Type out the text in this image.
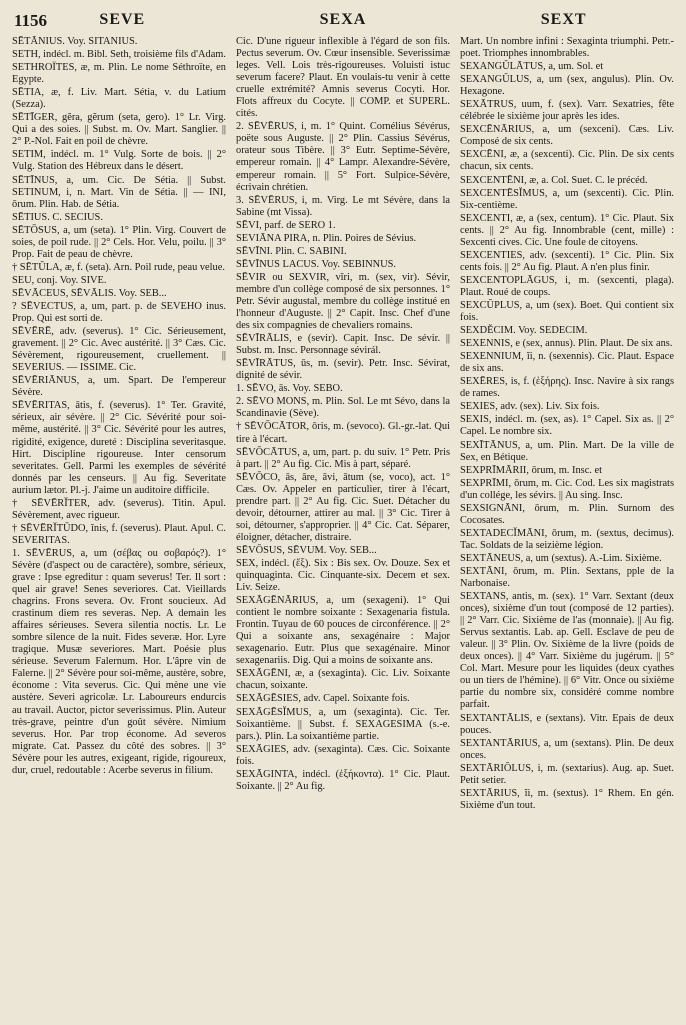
1156	SEVE	SEXA	SEXT

SĒTĀNIUS. Voy. SITANIUS.

SETH, indécl. m. Bibl. Seth, troisième fils d'Adam.

SETHROÏTES, æ, m. Plin. Le nome Séthroïte, en Egypte.

SĒTIA, æ, f. Liv. Mart. Sétia, v. du Latium (Sezza).

SĒTĪGER, gĕra, gĕrum (seta, gero). 1° Lr. Virg. Qui a des soies. || Subst. m. Ov. Mart. Sanglier. || 2° P.-Nol. Fait en poil de chèvre.

SETIM, indécl. m. 1° Vulg. Sorte de bois. || 2° Vulg. Station des Hébreux dans le désert.

SĒTĪNUS, a, um. Cic. De Sétia. || Subst. SETINUM, i, n. Mart. Vin de Sétia. || — INI, ōrum. Plin. Hab. de Sétia.

SĒTIUS. C. SECIUS.

SĒTŌSUS, a, um (seta). 1° Plin. Virg. Couvert de soies, de poil rude. || 2° Cels. Hor. Velu, poilu. || 3° Prop. Fait de peau de chèvre.

† SĒTŬLA, æ, f. (seta). Arn. Poil rude, peau velue.

SEU, conj. Voy. SIVE.

SĒVĀCEUS, SĒVĀLIS. Voy. SEB...

? SĒVECTUS, a, um, part. p. de SEVEHO inus. Prop. Qui est sorti de.

SĒVĒRĒ, adv. (severus). 1° Cic. Sérieusement, gravement. || 2° Cic. Avec austérité. || 3° Cæs. Cic. Sévèrement, rigoureusement, cruellement. || SEVERIUS. — ISSIME. Cic.

SĒVĒRIĀNUS, a, um. Spart. De l'empereur Sévère.

SĒVĒRITAS, ātis, f. (severus). 1° Ter. Gravité, sérieux, air sévère. || 2° Cic. Sévérité pour soi-même, austérité. || 3° Cic. Sévérité pour les autres, rigidité, exigence, dureté : Disciplina severitasque. Hirt. Discipline rigoureuse. Inter censorum severitates. Gell. Parmi les exemples de sévérité donnés par les censeurs. || Au fig. Severitate aurium lætor. Pl.-j. J'aime un auditoire difficile.

† SĒVĒRĬTER, adv. (severus). Titin. Apul. Sévèrement, avec rigueur.

† SĒVĒRĬTŪDO, ĭnis, f. (severus). Plaut. Apul. C. SEVERITAS.

1. SĒVĒRUS, a, um (σέβας ou σοβαρός?). 1° Sévère (d'aspect ou de caractère), sombre, sérieux, grave : Ipse egreditur : quam severus! Ter. Il sort : quel air grave! Senes severiores. Cat. Vieillards chagrins. Frons severa. Ov. Front soucieux. Ad crastinum diem res severas. Nep. A demain les affaires sérieuses. Severa silentia noctis. Lr. Le sombre silence de la nuit. Fides severæ. Hor. Lyre tragique. Musæ severiores. Mart. Poésie plus sérieuse. Severum Falernum. Hor. L'âpre vin de Falerne. || 2° Sévère pour soi-même, austère, sobre, économe : Vita severus. Cic. Qui mène une vie austère. Severi agricolæ. Lr. Laboureurs endurcis au travail. Auctor, pictor severissimus. Plin. Auteur très-grave, peintre d'un goût sévère. Nimium severus. Hor. Par trop économe. Ad severos migrate. Cat. Passez du côté des sobres. || 3° Sévère pour les autres, exigeant, rigide, rigoureux, dur, cruel, redoutable : Acerbe severus in filium.

Cic. D'une rigueur inflexible à l'égard de son fils. Pectus severum. Ov. Cœur insensible. Severissimæ leges. Vell. Lois très-rigoureuses. Voluisti istuc severum facere? Plaut. En voulais-tu venir à cette cruelle extrémité? Amnis severus Cocyti. Hor. Flots affreux du Cocyte. || COMP. et SUPERL. cités.

2. SĒVĒRUS, i, m. 1° Quint. Cornélius Sévérus, poëte sous Auguste. || 2° Plin. Cassius Sévérus, orateur sous Tibère. || 3° Eutr. Septime-Sévère, empereur romain. || 4° Lampr. Alexandre-Sévère, empereur romain. || 5° Fort. Sulpice-Sévère, écrivain chrétien.

3. SĒVĒRUS, i, m. Virg. Le mt Sévère, dans la Sabine (mt Vissa).

SĒVI, parf. de SERO 1.

SEVIĀNA PIRA, n. Plin. Poires de Sévius.

SĒVĪNI. Plin. C. SABINI.

SĒVĪNUS LACUS. Voy. SEBINNUS.

SĒVIR ou SEXVIR, vĭri, m. (sex, vir). Sévir, membre d'un collège composé de six personnes. 1° Petr. Sévir augustal, membre du collège institué en l'honneur d'Auguste. || 2° Capit. Insc. Chef d'une des six compagnies de chevaliers romains.

SĒVĪRĀLIS, e (sevir). Capit. Insc. De sévir. || Subst. m. Insc. Personnage sévirál.

SĒVĪRĀTUS, ūs, m. (sevir). Petr. Insc. Sévirat, dignité de sévir.

1. SĒVO, ās. Voy. SEBO.

2. SĒVO MONS, m. Plin. Sol. Le mt Sévo, dans la Scandinavie (Sève).

† SĒVŌCĀTOR, ōris, m. (sevoco). Gl.-gr.-lat. Qui tire à l'écart.

SĒVŌCĀTUS, a, um, part. p. du suiv. 1° Petr. Pris à part. || 2° Au fig. Cic. Mis à part, séparé.

SĒVŌCO, ās, āre, āvi, ātum (se, voco), act. 1° Cæs. Ov. Appeler en particulier, tirer à l'écart, prendre part. || 2° Au fig. Cic. Suet. Détacher du devoir, détourner, attirer au mal. || 3° Cic. Tirer à soi, détourner, s'approprier. || 4° Cic. Cat. Séparer, éloigner, détacher, distraire.

SĒVŌSUS, SĒVUM. Voy. SEB...

SEX, indécl. (ἕξ). Six : Bis sex. Ov. Douze. Sex et quinquaginta. Cic. Cinquante-six. Decem et sex. Liv. Seize.

SEXĀGĒNĀRIUS, a, um (sexageni). 1° Qui contient le nombre soixante : Sexagenaria fistula. Frontin. Tuyau de 60 pouces de circonférence. || 2° Qui a soixante ans, sexagénaire : Major sexagenario. Eutr. Plus que sexagénaire. Minor sexagenariis. Dig. Qui a moins de soixante ans.

SEXĀGĒNI, æ, a (sexaginta). Cic. Liv. Soixante chacun, soixante.

SEXĀGĒSIES, adv. Capel. Soixante fois.

SEXĀGĒSĬMUS, a, um (sexaginta). Cic. Ter. Soixantième. || Subst. f. SEXAGESIMA (s.-e. pars.). Plin. La soixantième partie.

SEXĀGIES, adv. (sexaginta). Cæs. Cic. Soixante fois.

SEXĀGINTA, indécl. (ἑξήκοντα). 1° Cic. Plaut. Soixante. || 2° Au fig.

Mart. Un nombre infini : Sexaginta triumphi. Petr.-poet. Triomphes innombrables.

SEXANGŬLĀTUS, a, um. Sol. et

SEXANGŬLUS, a, um (sex, angulus). Plin. Ov. Hexagone.

SEXĀTRUS, uum, f. (sex). Varr. Sexatries, fête célébrée le sixième jour après les ides.

SEXCĒNĀRIUS, a, um (sexceni). Cæs. Liv. Composé de six cents.

SEXCĒNI, æ, a (sexcenti). Cic. Plin. De six cents chacun, six cents.

SEXCENTĒNI, æ, a. Col. Suet. C. le précéd.

SEXCENTĒSĬMUS, a, um (sexcenti). Cic. Plin. Six-centième.

SEXCENTI, æ, a (sex, centum). 1° Cic. Plaut. Six cents. || 2° Au fig. Innombrable (cent, mille) : Sexcenti cives. Cic. Une foule de citoyens.

SEXCENTIES, adv. (sexcenti). 1° Cic. Plin. Six cents fois. || 2° Au fig. Plaut. A n'en plus finir.

SEXCENTOPLĀGUS, i, m. (sexcenti, plaga). Plaut. Roué de coups.

SEXCŬPLUS, a, um (sex). Boet. Qui contient six fois.

SEXDĔCIM. Voy. SEDECIM.

SEXENNIS, e (sex, annus). Plin. Plaut. De six ans.

SEXENNIUM, ĭi, n. (sexennis). Cic. Plaut. Espace de six ans.

SEXĒRES, is, f. (ἑξήρης). Insc. Navire à six rangs de rames.

SEXIES, adv. (sex). Liv. Six fois.

SEXIS, indécl. m. (sex, as). 1° Capel. Six as. || 2° Capel. Le nombre six.

SEXĪTĀNUS, a, um. Plin. Mart. De la ville de Sex, en Bétique.

SEXPRĪMĀRII, ōrum, m. Insc. et

SEXPRĪMI, ōrum, m. Cic. Cod. Les six magistrats d'un collége, les sévirs. || Au sing. Insc.

SEXSIGNĀNI, ōrum, m. Plin. Surnom des Cocosates.

SEXTADECĬMĀNI, ōrum, m. (sextus, decimus). Tac. Soldats de la seizième légion.

SEXTĀNEUS, a, um (sextus). A.-Lim. Sixième.

SEXTĀNI, ōrum, m. Plin. Sextans, pple de la Narbonaise.

SEXTANS, antis, m. (sex). 1° Varr. Sextant (deux onces), sixième d'un tout (composé de 12 parties). || 2° Varr. Cic. Sixième de l'as (monnaie). || Au fig. Servus sextantis. Lab. ap. Gell. Esclave de peu de valeur. || 3° Plin. Ov. Sixième de la livre (poids de deux onces). || 4° Varr. Sixième du jugérum. || 5° Col. Mart. Mesure pour les liquides (deux cyathes ou un tiers de l'hémine). || 6° Vitr. Once ou sixième partie du nombre six, considéré comme nombre parfait.

SEXTANTĀLIS, e (sextans). Vitr. Epais de deux pouces.

SEXTANTĀRIUS, a, um (sextans). Plin. De deux onces.

SEXTĀRIŎLUS, i, m. (sextarius). Aug. ap. Suet. Petit setier.

SEXTĀRIUS, ĭi, m. (sextus). 1° Rhem. En gén. Sixième d'un tout.
